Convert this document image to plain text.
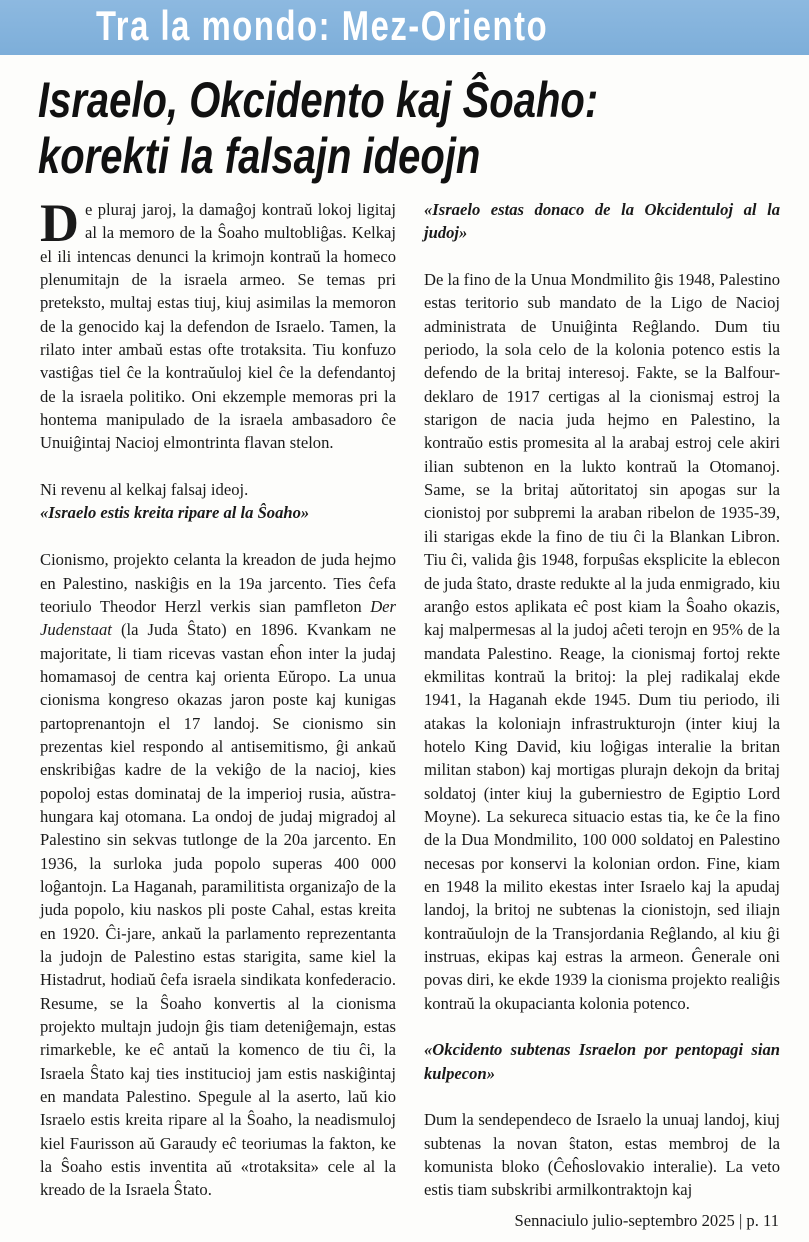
Tra la mondo: Mez-Oriento
Israelo, Okcidento kaj Ŝoaho:
korekti la falsajn ideojn

De pluraj jaroj, la damaĝoj kontraŭ lokoj ligitaj al la memoro de la Ŝoaho multobliĝas. Kelkaj el ili intencas denunci la krimojn kontraŭ la homeco plenumitajn de la israela armeo. Se temas pri preteksto, multaj estas tiuj, kiuj asimilas la memoron de la genocido kaj la defendon de Israelo. Tamen, la rilato inter ambaŭ estas ofte trotaksita. Tiu konfuzo vastiĝas tiel ĉe la kontraŭuloj kiel ĉe la defendantoj de la israela politiko. Oni ekzemple memoras pri la hontema manipulado de la israela ambasadoro ĉe Unuiĝintaj Nacioj elmontrinta flavan stelon.

Ni revenu al kelkaj falsaj ideoj.

«Israelo estis kreita ripare al la Ŝoaho»

Cionismo, projekto celanta la kreadon de juda hejmo en Palestino, naskiĝis en la 19a jarcento. Ties ĉefa teoriulo Theodor Herzl verkis sian pamfleton Der Judenstaat (la Juda Ŝtato) en 1896. Kvankam ne majoritate, li tiam ricevas vastan eĥon inter la judaj homamasoj de centra kaj orienta Eŭropo. La unua cionisma kongreso okazas jaron poste kaj kunigas partoprenantojn el 17 landoj. Se cionismo sin prezentas kiel respondo al antisemitismo, ĝi ankaŭ enskribiĝas kadre de la vekiĝo de la nacioj, kies popoloj estas dominataj de la imperioj rusia, aŭstra-hungara kaj otomana. La ondoj de judaj migradoj al Palestino sin sekvas tutlonge de la 20a jarcento. En 1936, la surloka juda popolo superas 400 000 loĝantojn. La Haganah, paramilitista organizaĵo de la juda popolo, kiu naskos pli poste Cahal, estas kreita en 1920. Ĉi-jare, ankaŭ la parlamento reprezentanta la judojn de Palestino estas starigita, same kiel la Histadrut, hodiaŭ ĉefa israela sindikata konfederacio. Resume, se la Ŝoaho konvertis al la cionisma projekto multajn judojn ĝis tiam deteniĝemajn, estas rimarkeble, ke eĉ antaŭ la komenco de tiu ĉi, la Israela Ŝtato kaj ties institucioj jam estis naskiĝintaj en mandata Palestino. Spegule al la aserto, laŭ kio Israelo estis kreita ripare al la Ŝoaho, la neadismuloj kiel Faurisson aŭ Garaudy eĉ teoriumas la fakton, ke la Ŝoaho estis inventita aŭ «trotaksita» cele al la kreado de la Israela Ŝtato.

«Israelo estas donaco de la Okcidentuloj al la judoj»

De la fino de la Unua Mondmilito ĝis 1948, Palestino estas teritorio sub mandato de la Ligo de Nacioj administrata de Unuiĝinta Reĝlando. Dum tiu periodo, la sola celo de la kolonia potenco estis la defendo de la britaj interesoj. Fakte, se la Balfour-deklaro de 1917 certigas al la cionismaj estroj la starigon de nacia juda hejmo en Palestino, la kontraŭo estis promesita al la arabaj estroj cele akiri ilian subtenon en la lukto kontraŭ la Otomanoj. Same, se la britaj aŭtoritatoj sin apogas sur la cionistoj por subpremi la araban ribelon de 1935-39, ili starigas ekde la fino de tiu ĉi la Blankan Libron. Tiu ĉi, valida ĝis 1948, forpuŝas eksplicite la eblecon de juda ŝtato, draste redukte al la juda enmigrado, kiu aranĝo estos aplikata eĉ post kiam la Ŝoaho okazis, kaj malpermesas al la judoj aĉeti terojn en 95% de la mandata Palestino. Reage, la cionismaj fortoj rekte ekmilitas kontraŭ la britoj: la plej radikalaj ekde 1941, la Haganah ekde 1945. Dum tiu periodo, ili atakas la koloniajn infrastrukturojn (inter kiuj la hotelo King David, kiu loĝigas interalie la britan militan stabon) kaj mortigas plurajn dekojn da britaj soldatoj (inter kiuj la guberniestro de Egiptio Lord Moyne). La sekureca situacio estas tia, ke ĉe la fino de la Dua Mondmilito, 100 000 soldatoj en Palestino necesas por konservi la kolonian ordon. Fine, kiam en 1948 la milito ekestas inter Israelo kaj la apudaj landoj, la britoj ne subtenas la cionistojn, sed iliajn kontraŭulojn de la Transjordania Reĝlando, al kiu ĝi instruas, ekipas kaj estras la armeon. Ĝenerale oni povas diri, ke ekde 1939 la cionisma projekto realiĝis kontraŭ la okupacianta kolonia potenco.

«Okcidento subtenas Israelon por pentopagi sian kulpecon»

Dum la sendependeco de Israelo la unuaj landoj, kiuj subtenas la novan ŝtaton, estas membroj de la komunista bloko (Ĉeĥoslovakio interalie). La veto estis tiam subskribi armilkontraktojn kaj

Sennaciulo julio-septembro 2025 | p. 11
